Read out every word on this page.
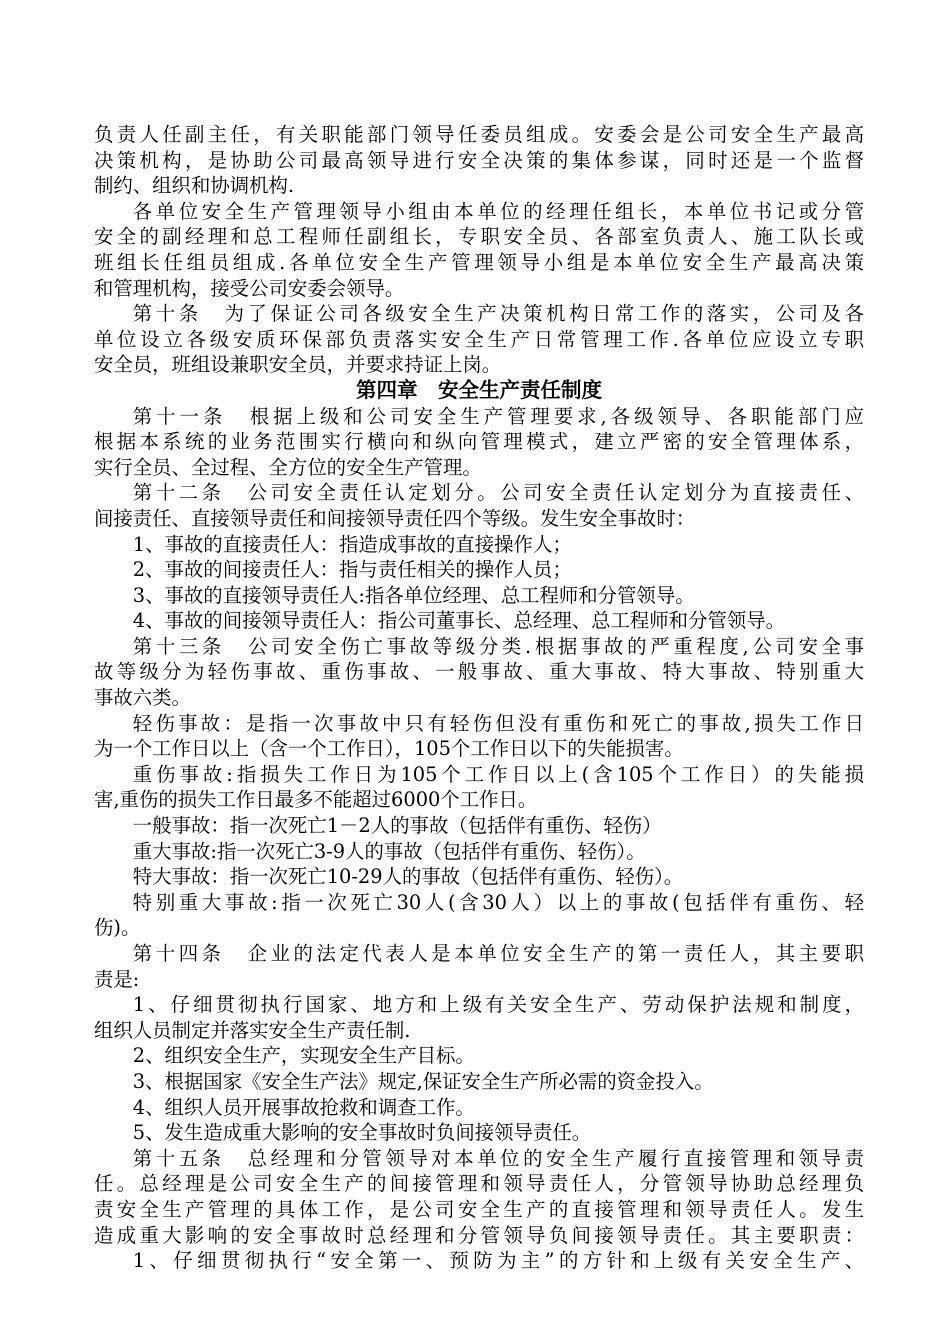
负责人任副主任，有关职能部门领导任委员组成。安委会是公司安全生产最高
决策机构，是协助公司最高领导进行安全决策的集体参谋，同时还是一个监督
制约、组织和协调机构.
各单位安全生产管理领导小组由本单位的经理任组长，本单位书记或分管
安全的副经理和总工程师任副组长，专职安全员、各部室负责人、施工队长或
班组长任组员组成.各单位安全生产管理领导小组是本单位安全生产最高决策
和管理机构，接受公司安委会领导。
第十条　为了保证公司各级安全生产决策机构日常工作的落实，公司及各
单位设立各级安质环保部负责落实安全生产日常管理工作.各单位应设立专职
安全员，班组设兼职安全员，并要求持证上岗。
第四章　安全生产责任制度
第十一条　根据上级和公司安全生产管理要求,各级领导、各职能部门应
根据本系统的业务范围实行横向和纵向管理模式，建立严密的安全管理体系，
实行全员、全过程、全方位的安全生产管理。
第十二条　公司安全责任认定划分。公司安全责任认定划分为直接责任、
间接责任、直接领导责任和间接领导责任四个等级。发生安全事故时：
1、事故的直接责任人：指造成事故的直接操作人；
2、事故的间接责任人：指与责任相关的操作人员；
3、事故的直接领导责任人:指各单位经理、总工程师和分管领导。
4、事故的间接领导责任人：指公司董事长、总经理、总工程师和分管领导。
第十三条　公司安全伤亡事故等级分类.根据事故的严重程度,公司安全事
故等级分为轻伤事故、重伤事故、一般事故、重大事故、特大事故、特别重大
事故六类。
轻伤事故：是指一次事故中只有轻伤但没有重伤和死亡的事故,损失工作日
为一个工作日以上（含一个工作日），105个工作日以下的失能损害。
重伤事故:指损失工作日为105个工作日以上(含105个工作日）的失能损
害,重伤的损失工作日最多不能超过6000个工作日。
一般事故：指一次死亡1－2人的事故（包括伴有重伤、轻伤）
重大事故:指一次死亡3-9人的事故（包括伴有重伤、轻伤）。
特大事故：指一次死亡10-29人的事故（包括伴有重伤、轻伤）。
特别重大事故:指一次死亡30人(含30人）以上的事故(包括伴有重伤、轻
伤)。
第十四条　企业的法定代表人是本单位安全生产的第一责任人，其主要职
责是:
1、仔细贯彻执行国家、地方和上级有关安全生产、劳动保护法规和制度，
组织人员制定并落实安全生产责任制.
2、组织安全生产，实现安全生产目标。
3、根据国家《安全生产法》规定,保证安全生产所必需的资金投入。
4、组织人员开展事故抢救和调查工作。
5、发生造成重大影响的安全事故时负间接领导责任。
第十五条　总经理和分管领导对本单位的安全生产履行直接管理和领导责
任。总经理是公司安全生产的间接管理和领导责任人，分管领导协助总经理负
责安全生产管理的具体工作，是公司安全生产的直接管理和领导责任人。发生
造成重大影响的安全事故时总经理和分管领导负间接领导责任。其主要职责：
1、仔细贯彻执行“安全第一、预防为主”的方针和上级有关安全生产、
